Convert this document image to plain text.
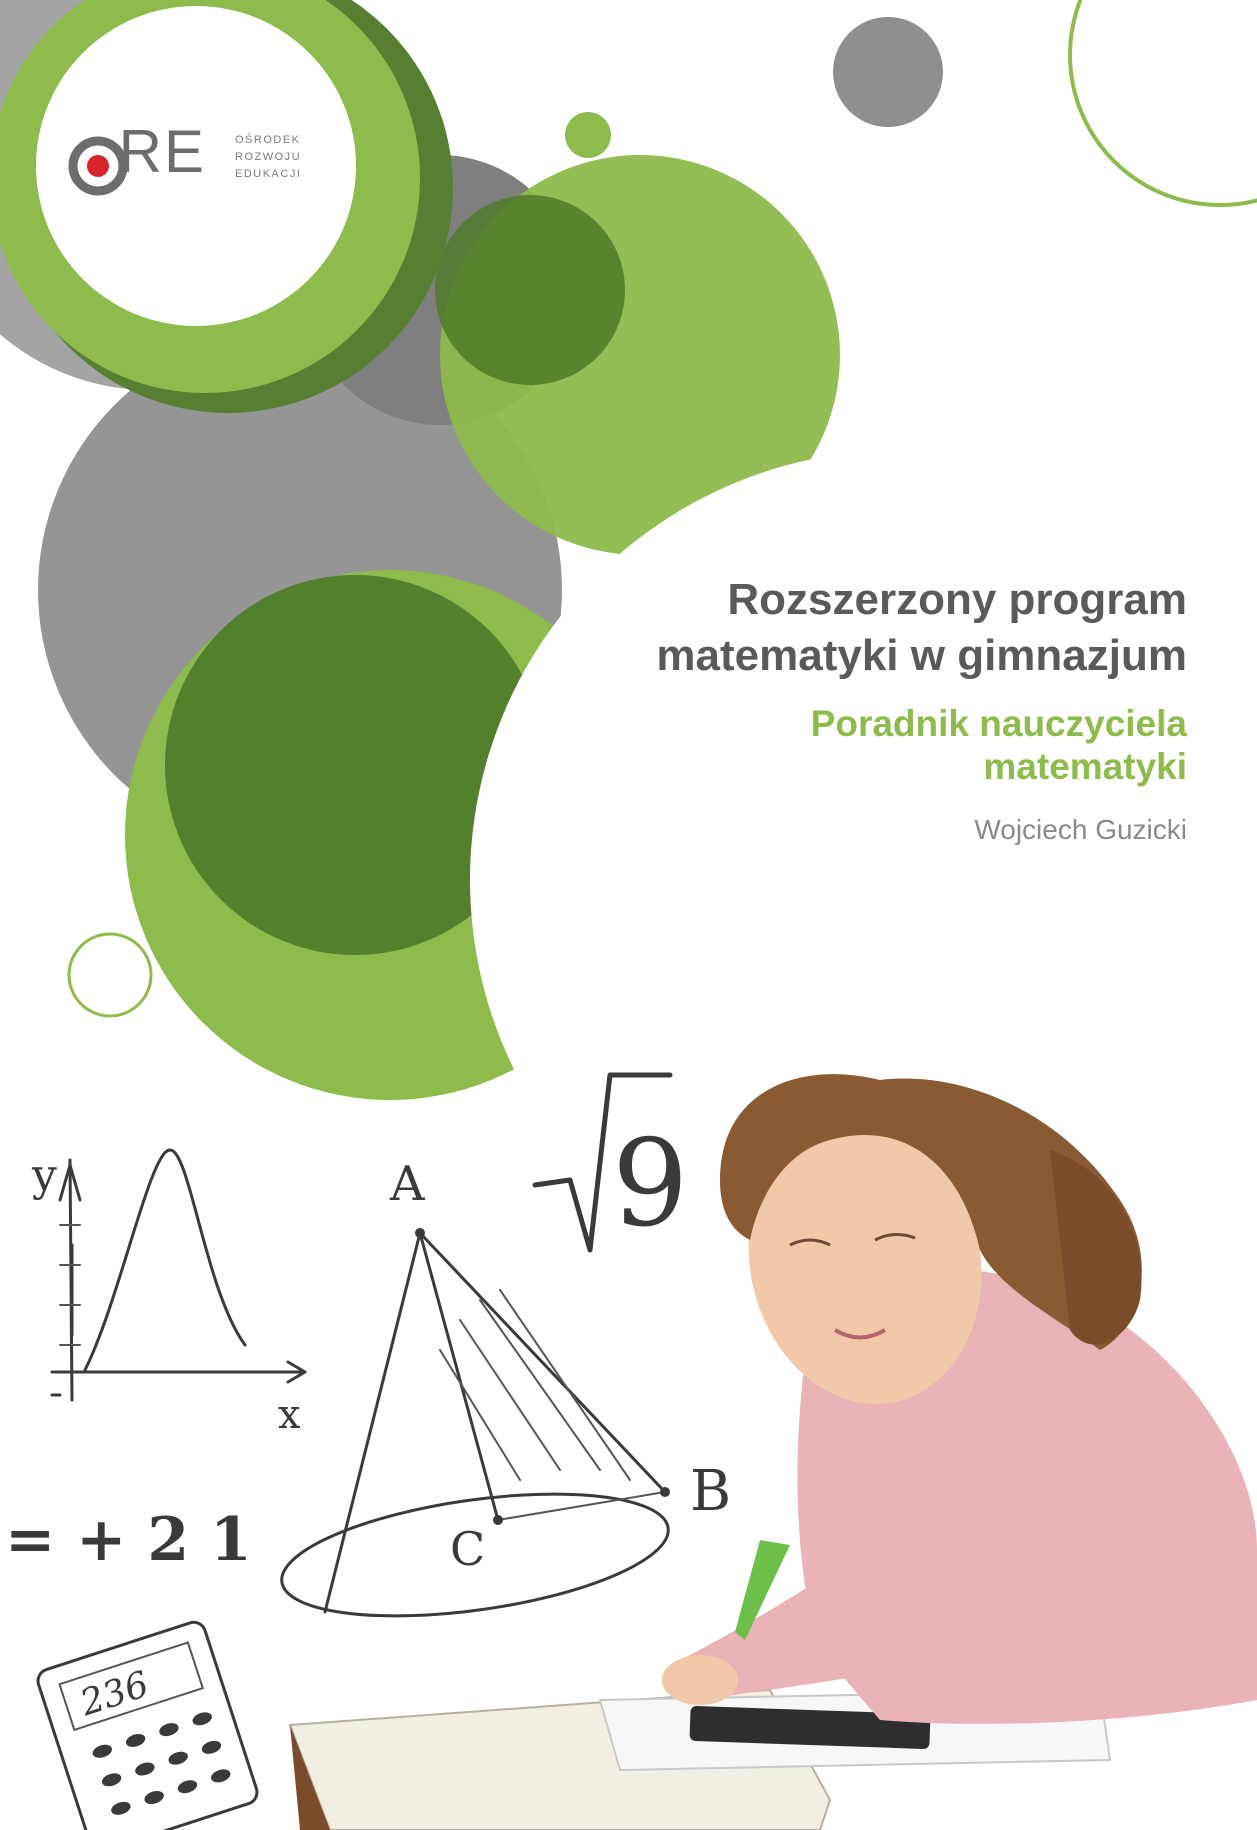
y
x
A
B
C
9
= + 2 1
236
RE	OŚRODEK
ROZWOJU
EDUKACJI

Rozszerzony program

matematyki w gimnazjum

Poradnik nauczyciela

matematyki

Wojciech Guzicki
